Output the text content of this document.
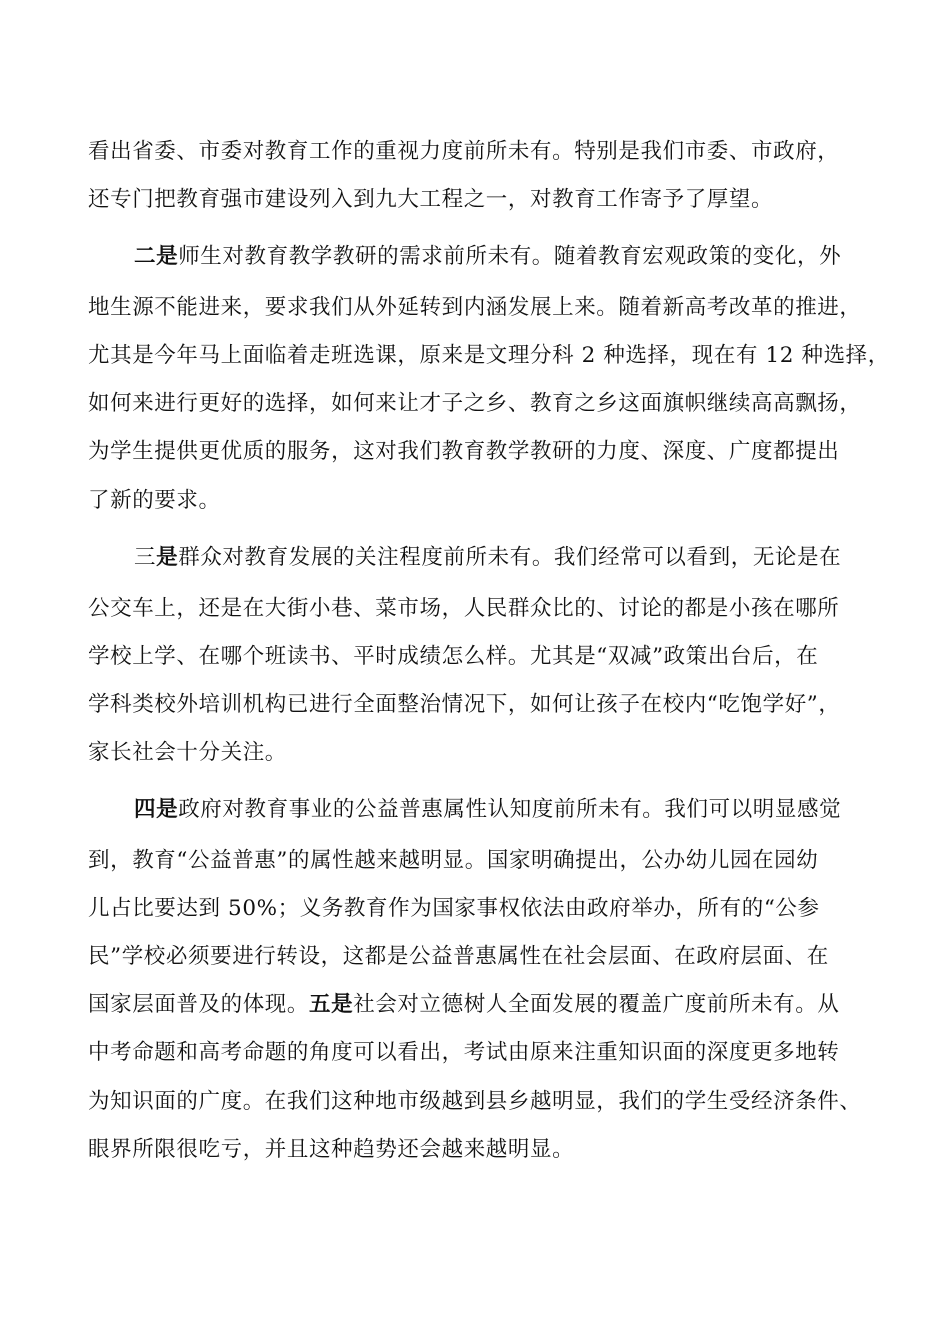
看出省委、市委对教育工作的重视力度前所未有。特别是我们市委、市政府，
还专门把教育强市建设列入到九大工程之一，对教育工作寄予了厚望。
二是师生对教育教学教研的需求前所未有。随着教育宏观政策的变化，外
地生源不能进来，要求我们从外延转到内涵发展上来。随着新高考改革的推进，
尤其是今年马上面临着走班选课，原来是文理分科 2 种选择，现在有 12 种选择，
如何来进行更好的选择，如何来让才子之乡、教育之乡这面旗帜继续高高飘扬，
为学生提供更优质的服务，这对我们教育教学教研的力度、深度、广度都提出
了新的要求。
三是群众对教育发展的关注程度前所未有。我们经常可以看到，无论是在
公交车上，还是在大街小巷、菜市场，人民群众比的、讨论的都是小孩在哪所
学校上学、在哪个班读书、平时成绩怎么样。尤其是“双减”政策出台后，在
学科类校外培训机构已进行全面整治情况下，如何让孩子在校内“吃饱学好”，
家长社会十分关注。
四是政府对教育事业的公益普惠属性认知度前所未有。我们可以明显感觉
到，教育“公益普惠”的属性越来越明显。国家明确提出，公办幼儿园在园幼
儿占比要达到 50%；义务教育作为国家事权依法由政府举办，所有的“公参
民”学校必须要进行转设，这都是公益普惠属性在社会层面、在政府层面、在
国家层面普及的体现。五是社会对立德树人全面发展的覆盖广度前所未有。从
中考命题和高考命题的角度可以看出，考试由原来注重知识面的深度更多地转
为知识面的广度。在我们这种地市级越到县乡越明显，我们的学生受经济条件、
眼界所限很吃亏，并且这种趋势还会越来越明显。
